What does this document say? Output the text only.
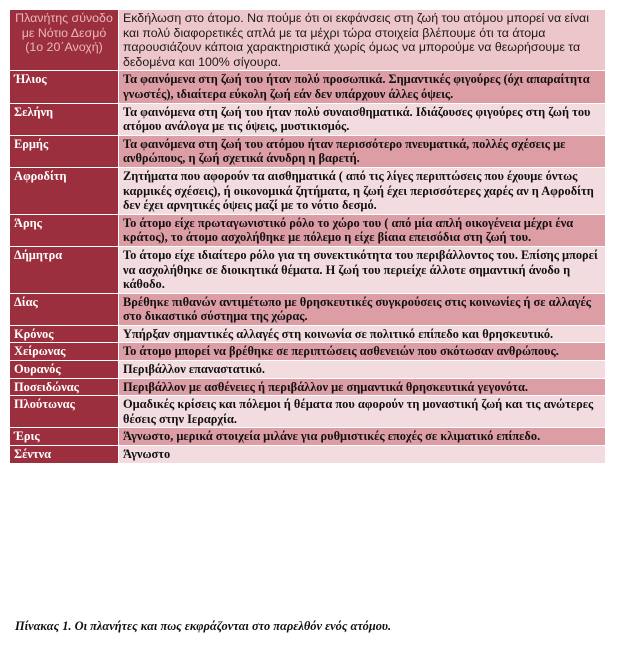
Πλανήτης σύνοδο με Νότιο Δεσμό (1ο 20΄Ανοχή)	Εκδήλωση στο άτομο. Να πούμε ότι οι εκφάνσεις στη ζωή του ατόμου μπορεί να είναι και πολύ διαφορετικές απλά με τα μέχρι τώρα στοιχεία βλέπουμε ότι τα άτομα παρουσιάζουν κάποια χαρακτηριστικά χωρίς όμως να μπορούμε να θεωρήσουμε τα δεδομένα και 100% σίγουρα.
Ήλιος	Τα φαινόμενα στη ζωή του ήταν πολύ προσωπικά. Σημαντικές φιγούρες (όχι απαραίτητα γνωστές), ιδιαίτερα εύκολη ζωή εάν δεν υπάρχουν άλλες όψεις.
Σελήνη	Τα φαινόμενα στη ζωή του ήταν πολύ συναισθηματικά. Ιδιάζουσες φιγούρες στη ζωή του ατόμου ανάλογα με τις όψεις, μυστικισμός.
Ερμής	Τα φαινόμενα στη ζωή του ατόμου ήταν περισσότερο πνευματικά, πολλές σχέσεις με ανθρώπους, η ζωή σχετικά άνυδρη η βαρετή.
Αφροδίτη	Ζητήματα που αφορούν τα αισθηματικά ( από τις λίγες περιπτώσεις που έχουμε όντως καρμικές σχέσεις), ή οικονομικά ζητήματα, η ζωή έχει περισσότερες χαρές αν η Αφροδίτη δεν έχει αρνητικές όψεις μαζί με το νότιο δεσμό.
Άρης	Το άτομο είχε πρωταγωνιστικό ρόλο το χώρο του ( από μία απλή οικογένεια μέχρι ένα κράτος), το άτομο ασχολήθηκε με πόλεμο η είχε βίαια επεισόδια στη ζωή του.
Δήμητρα	Το άτομο είχε ιδιαίτερο ρόλο για τη συνεκτικότητα του περιβάλλοντος του. Επίσης μπορεί να ασχολήθηκε σε διοικητικά θέματα. Η ζωή του περιείχε άλλοτε σημαντική άνοδο η κάθοδο.
Δίας	Βρέθηκε πιθανών αντιμέτωπο με θρησκευτικές συγκρούσεις στις κοινωνίες ή σε αλλαγές στο δικαστικό σύστημα της χώρας.
Κρόνος	Υπήρξαν σημαντικές αλλαγές στη κοινωνία σε πολιτικό επίπεδο και θρησκευτικό.
Χείρωνας	Το άτομο μπορεί να βρέθηκε σε περιπτώσεις ασθενειών που σκότωσαν ανθρώπους.
Ουρανός	Περιβάλλον επαναστατικό.
Ποσειδώνας	Περιβάλλον με ασθένειες ή περιβάλλον με σημαντικά θρησκευτικά γεγονότα.
Πλούτωνας	Ομαδικές κρίσεις και πόλεμοι ή θέματα που αφορούν τη μοναστική ζωή και τις ανώτερες θέσεις στην Ιεραρχία.
Έρις	Άγνωστο, μερικά στοιχεία μιλάνε για ρυθμιστικές εποχές σε κλιματικό επίπεδο.
Σέντνα	Άγνωστο
Πίνακας 1. Οι πλανήτες και πως εκφράζονται στο παρελθόν ενός ατόμου.
